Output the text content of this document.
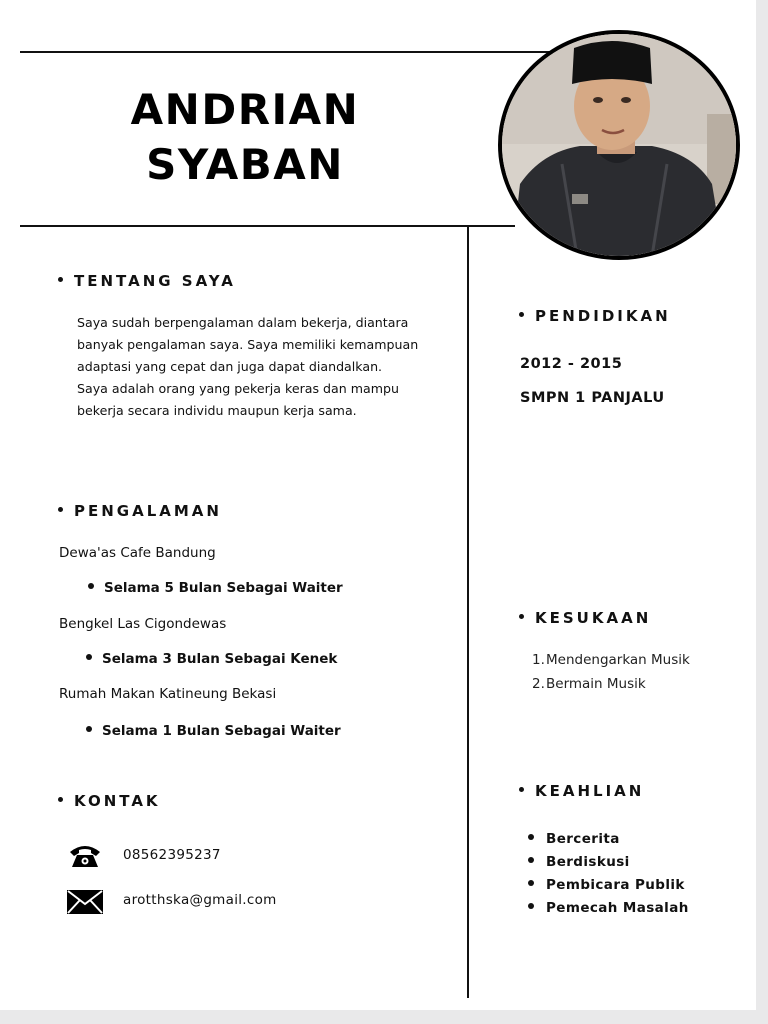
ANDRIAN
SYABAN
TENTANG SAYA

Saya sudah berpengalaman dalam bekerja, diantara

banyak pengalaman saya. Saya memiliki kemampuan

adaptasi yang cepat dan juga dapat diandalkan.

Saya adalah orang yang pekerja keras dan mampu

bekerja secara individu maupun kerja sama.

PENGALAMAN
Dewa'as Cafe Bandung
Selama 5 Bulan Sebagai Waiter
Bengkel Las Cigondewas
Selama 3 Bulan Sebagai Kenek
Rumah Makan Katineung Bekasi
Selama 1 Bulan Sebagai Waiter
KONTAK
08562395237
arotthska@gmail.com
PENDIDIKAN
2012 - 2015
SMPN 1 PANJALU
KESUKAAN
1.Mendengarkan Musik
2.Bermain Musik
KEAHLIAN
Bercerita
Berdiskusi
Pembicara Publik
Pemecah Masalah
